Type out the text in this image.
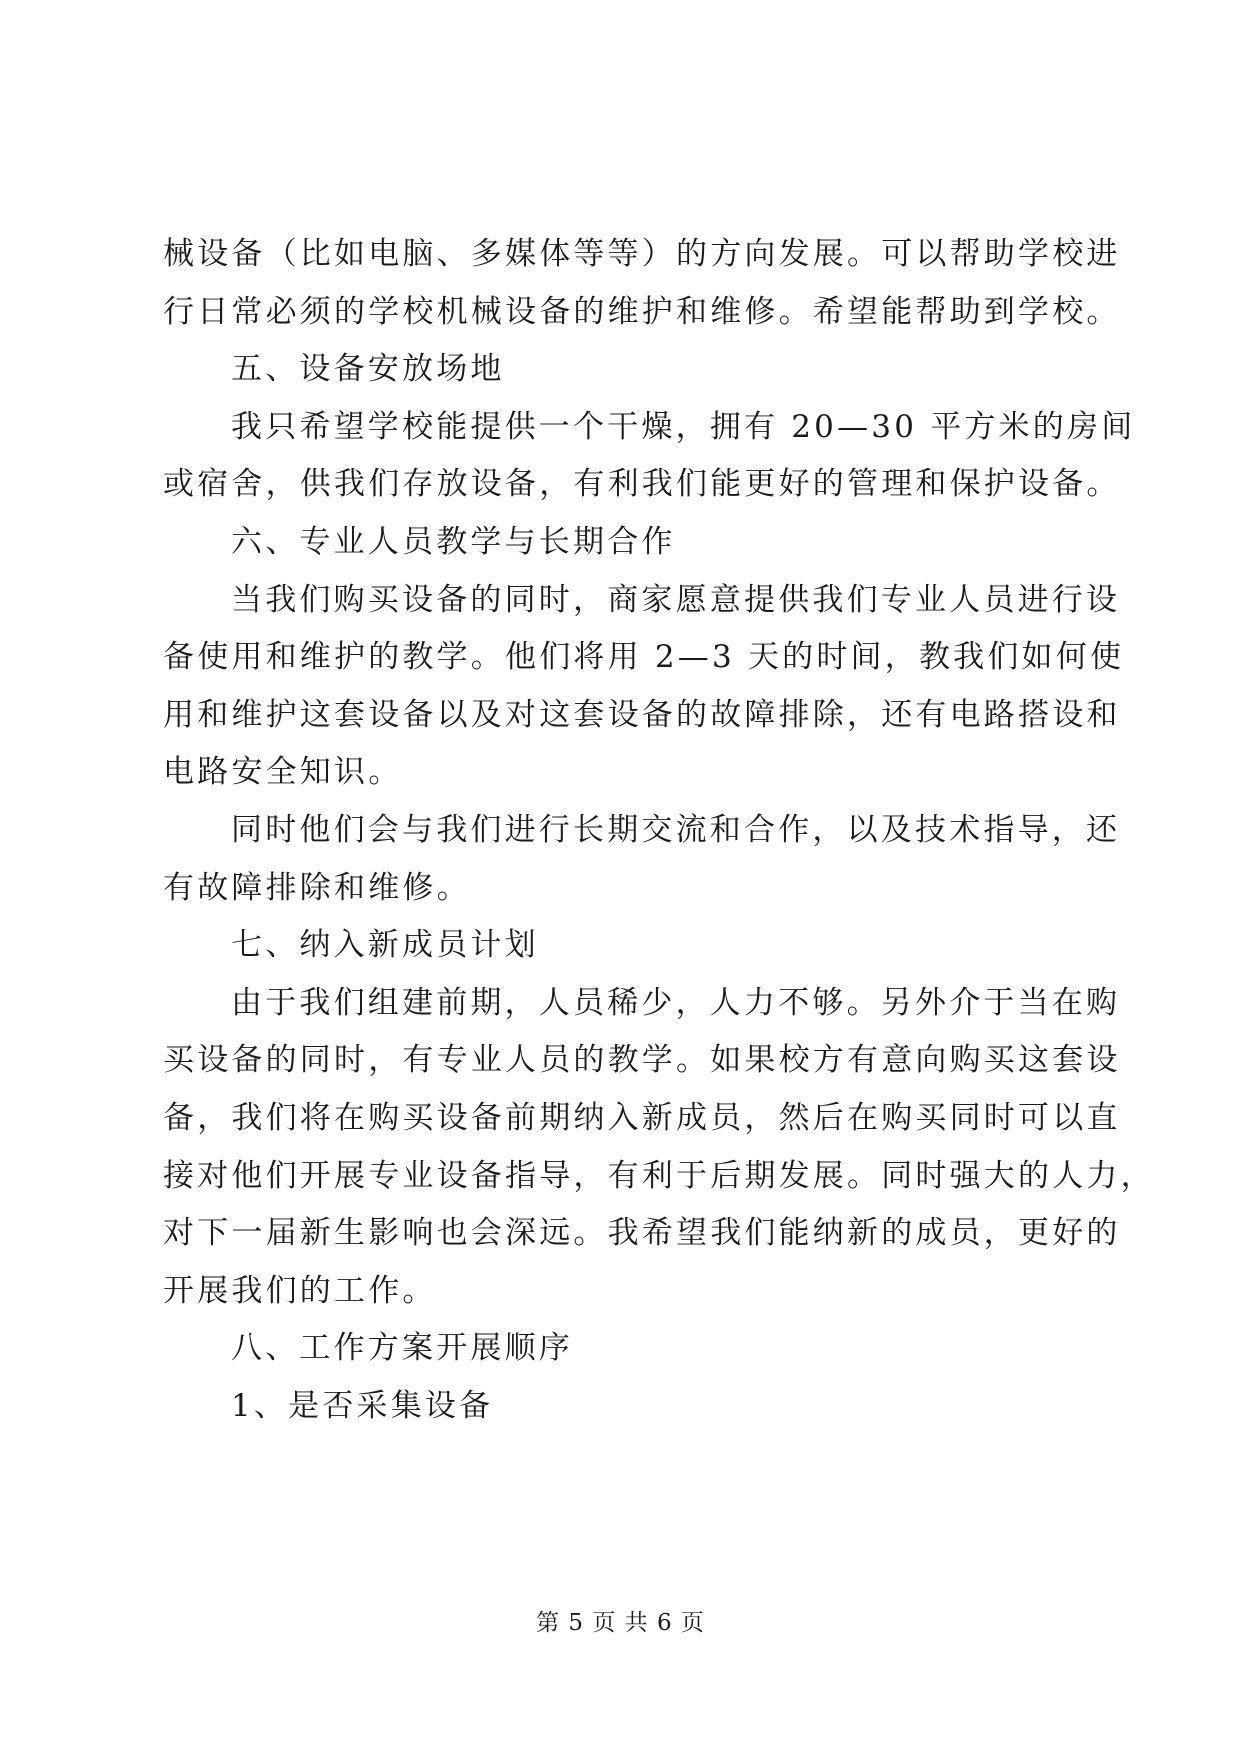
械设备（比如电脑、多媒体等等）的方向发展。可以帮助学校进
行日常必须的学校机械设备的维护和维修。希望能帮助到学校。
五、设备安放场地
我只希望学校能提供一个干燥，拥有 20—30 平方米的房间
或宿舍，供我们存放设备，有利我们能更好的管理和保护设备。
六、专业人员教学与长期合作
当我们购买设备的同时，商家愿意提供我们专业人员进行设
备使用和维护的教学。他们将用 2—3 天的时间，教我们如何使
用和维护这套设备以及对这套设备的故障排除，还有电路搭设和
电路安全知识。
同时他们会与我们进行长期交流和合作，以及技术指导，还
有故障排除和维修。
七、纳入新成员计划
由于我们组建前期，人员稀少，人力不够。另外介于当在购
买设备的同时，有专业人员的教学。如果校方有意向购买这套设
备，我们将在购买设备前期纳入新成员，然后在购买同时可以直
接对他们开展专业设备指导，有利于后期发展。同时强大的人力，
对下一届新生影响也会深远。我希望我们能纳新的成员，更好的
开展我们的工作。
八、工作方案开展顺序
1、是否采集设备
第 5 页 共 6 页
